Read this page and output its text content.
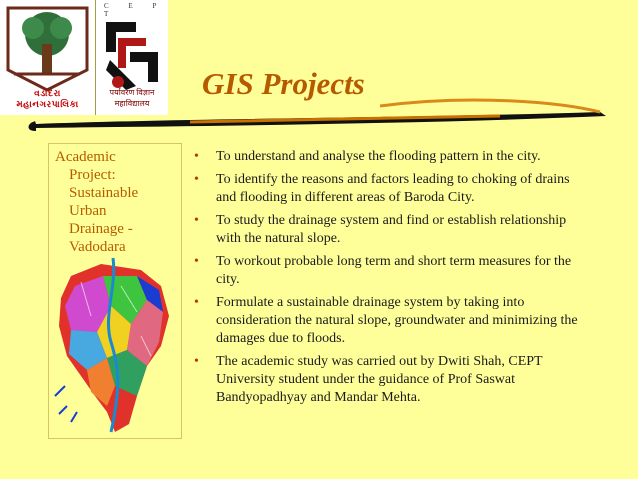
વડોદરા મહાનગરપાલિકા
C E P T
पर्यावरण विज्ञान महाविद्यालय
GIS Projects
Academic
Project:
Sustainable
Urban
Drainage -
Vadodara
• To understand and analyse the flooding pattern in the city.
• To identify the reasons and factors leading to choking of drains and flooding in different areas of Baroda City.
• To study the drainage system and find or establish relationship with the natural slope.
• To workout probable long term and short term measures for the city.
• Formulate a sustainable drainage system by taking into consideration the natural slope, groundwater and minimizing the damages due to floods.
• The academic study was carried out by Dwiti Shah, CEPT University student under the guidance of Prof Saswat Bandyopadhyay and Mandar Mehta.
